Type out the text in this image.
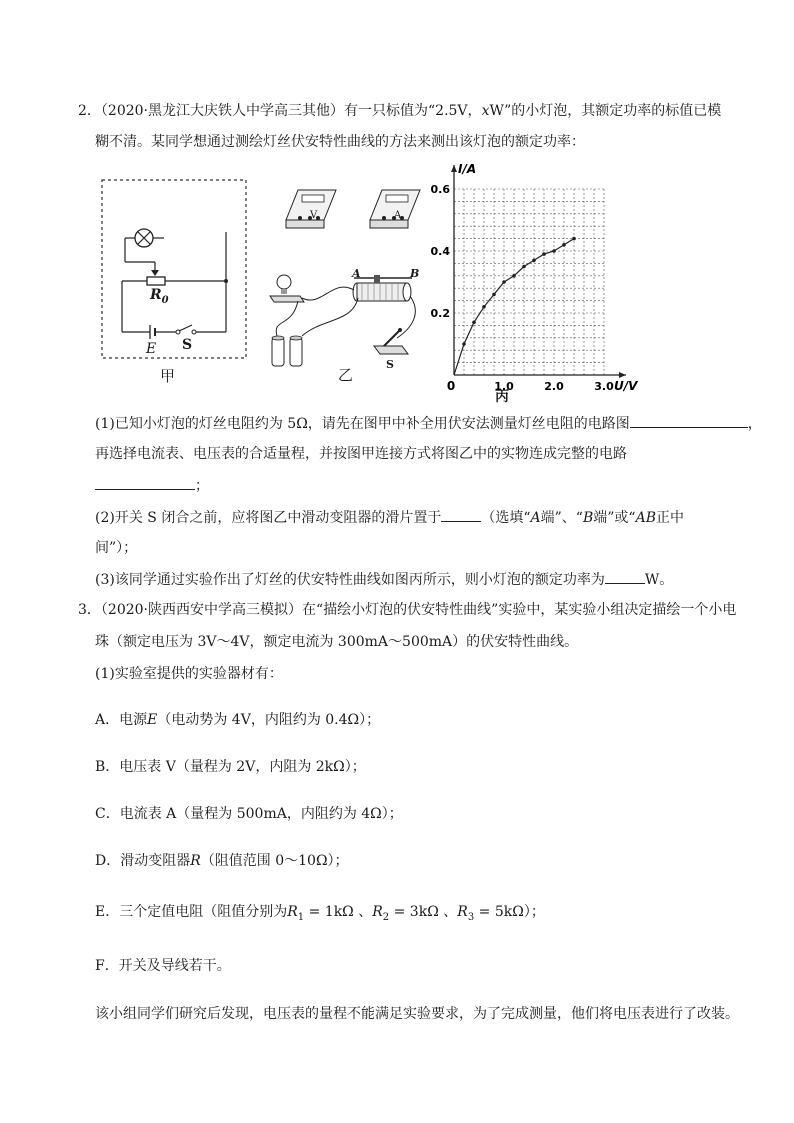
2．（2020·黑龙江大庆铁人中学高三其他）有一只标值为“2.5V，xW”的小灯泡，其额定功率的标值已模
糊不清。某同学想通过测绘灯丝伏安特性曲线的方法来测出该灯泡的额定功率：
$R_0$
E S
甲
V	A
A	B
S
乙
1.0	2.0	3.0
0.2
0.4
0.6
I/A
U/V
0
丙
(1)已知小灯泡的灯丝电阻约为 5Ω，请先在图甲中补全用伏安法测量灯丝电阻的电路图	，
再选择电流表、电压表的合适量程，并按图甲连接方式将图乙中的实物连成完整的电路
；
(2)开关 S 闭合之前，应将图乙中滑动变阻器的滑片置于	（选填“A端”、“B端”或“AB正中
间”）；
(3)该同学通过实验作出了灯丝的伏安特性曲线如图丙所示，则小灯泡的额定功率为	W。
3．（2020·陕西西安中学高三模拟）在“描绘小灯泡的伏安特性曲线”实验中，某实验小组决定描绘一个小电
珠（额定电压为 3V～4V，额定电流为 300mA～500mA）的伏安特性曲线。
(1)实验室提供的实验器材有：
A．电源E（电动势为 4V，内阻约为 0.4Ω）；
B．电压表 V（量程为 2V，内阻为 2kΩ）；
C．电流表 A（量程为 500mA，内阻约为 4Ω）；
D．滑动变阻器R（阻值范围 0～10Ω）；
E．三个定值电阻（阻值分别为$R_1 = 1k\Omega$ 、$R_2 = 3k\Omega$ 、$R_3 = 5k\Omega$）；
F．开关及导线若干。
该小组同学们研究后发现，电压表的量程不能满足实验要求，为了完成测量，他们将电压表进行了改装。
